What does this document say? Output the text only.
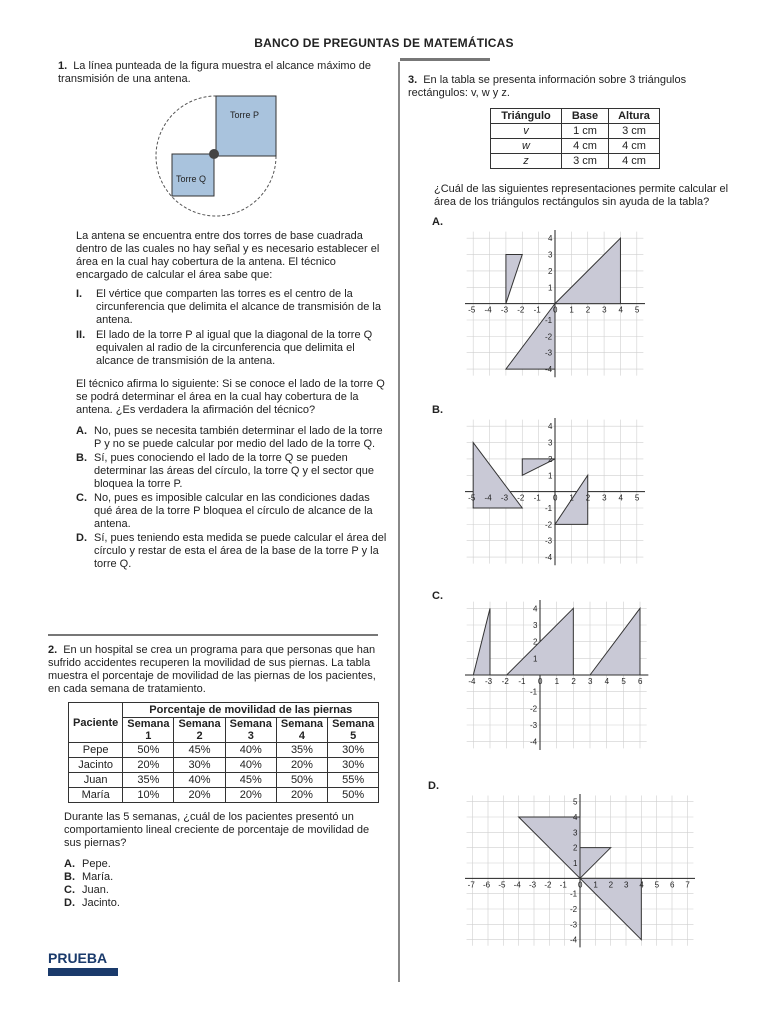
BANCO DE PREGUNTAS DE MATEMÁTICAS

1. La línea punteada de la figura muestra el alcance máximo de transmisión de una antena.

Torre P
Torre Q

La antena se encuentra entre dos torres de base cuadrada dentro de las cuales no hay señal y es necesario establecer el área en la cual hay cobertura de la antena. El técnico encargado de calcular el área sabe que:

I.	El vértice que comparten las torres es el centro de la circunferencia que delimita el alcance de transmisión de la antena.
II. El lado de la torre P al igual que la diagonal de la torre Q equivalen al radio de la circunferencia que delimita el alcance de transmisión de la antena.

El técnico afirma lo siguiente: Si se conoce el lado de la torre Q se podrá determinar el área en la cual hay cobertura de la antena. ¿Es verdadera la afirmación del técnico?

A. No, pues se necesita también determinar el lado de la torre P y no se puede calcular por medio del lado de la torre Q.
B. Sí, pues conociendo el lado de la torre Q se pueden determinar las áreas del círculo, la torre Q y el sector que bloquea la torre P.
C. No, pues es imposible calcular en las condiciones dadas qué área de la torre P bloquea el círculo de alcance de la antena.
D. Sí, pues teniendo esta medida se puede calcular el área del círculo y restar de esta el área de la base de la torre P y la torre Q.

2. En un hospital se crea un programa para que personas que han sufrido accidentes recuperen la movilidad de sus piernas. La tabla muestra el porcentaje de movilidad de las piernas de los pacientes, en cada semana de tratamiento.

Paciente	Porcentaje de movilidad de las piernas				
	Semana 1	Semana 2	Semana 3	Semana 4	Semana 5
Pepe	50%	45%	40%	35%	30%
Jacinto	20%	30%	40%	20%	30%
Juan	35%	40%	45%	50%	55%
María	10%	20%	20%	20%	50%

Durante las 5 semanas, ¿cuál de los pacientes presentó un comportamiento lineal creciente de porcentaje de movilidad de sus piernas?

A. Pepe.
B. María.
C. Juan.
D. Jacinto.
PRUEBA

3. En la tabla se presenta información sobre 3 triángulos rectángulos: v, w y z.

Triángulo	Base	Altura
v	1 cm	3 cm
w	4 cm	4 cm
z	3 cm	4 cm

¿Cuál de las siguientes representaciones permite calcular el área de los triángulos rectángulos sin ayuda de la tabla?

A.
B.
C.
D.
-5 -4 -3 -2 -1 0 1 2 3 4 5
-4
-3
-2
-1
1
2
3
4
-5 -4 -3 -2 -1 0 1 2 3 4 5
-4
-3
-2
-1
1
2
3
4
-4 -3 -2 -1 0 1 2 3 4 5 6
-4
-3
-2
-1
1
2
3
4
-7 -6 -5 -4 -3 -2 -1 0 1 2 3 4 5 6 7
-4
-3
-2
-1
1
2
3
4
5
